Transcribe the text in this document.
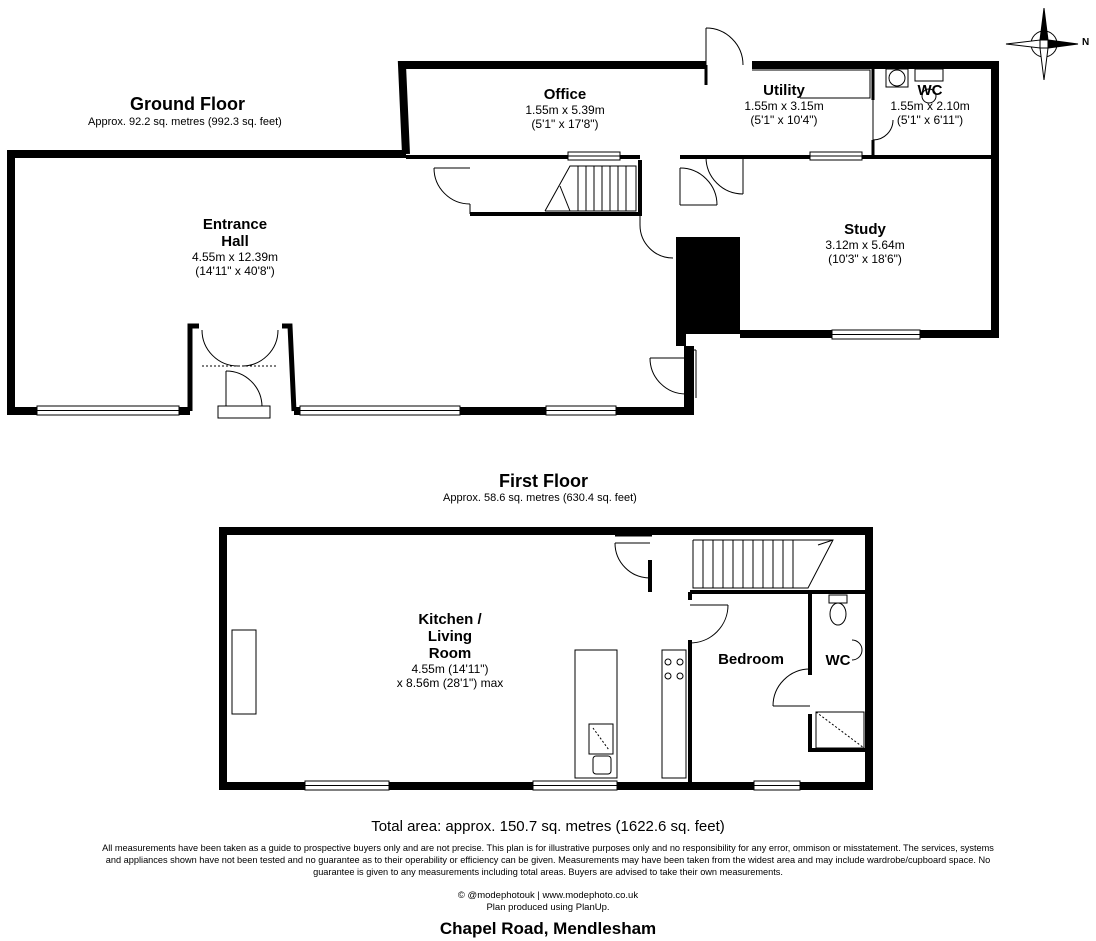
Ground Floor
Approx. 92.2 sq. metres (992.3 sq. feet)
Office
1.55m x 5.39m
(5'1" x 17'8")
Utility
1.55m x 3.15m
(5'1" x 10'4")
WC
1.55m x 2.10m
(5'1" x 6'11")
Entrance
Hall
4.55m x 12.39m
(14'11" x 40'8")
Study
3.12m x 5.64m
(10'3" x 18'6")
First Floor
Approx. 58.6 sq. metres (630.4 sq. feet)
Kitchen /
Living
Room
4.55m (14'11")
x 8.56m (28'1") max
Bedroom	WC
N
Total area: approx. 150.7 sq. metres (1622.6 sq. feet)
All measurements have been taken as a guide to prospective buyers only and are not precise. This plan is for illustrative purposes only and no responsibility for any error, ommison or misstatement. The services, systems and appliances shown have not been tested and no guarantee as to their operability or efficiency can be given. Measurements may have been taken from the widest area and may include wardrobe/cupboard space. No guarantee is given to any measurements including total areas. Buyers are advised to take their own measurements.
© @modephotouk | www.modephoto.co.uk
Plan produced using PlanUp.
Chapel Road, Mendlesham
